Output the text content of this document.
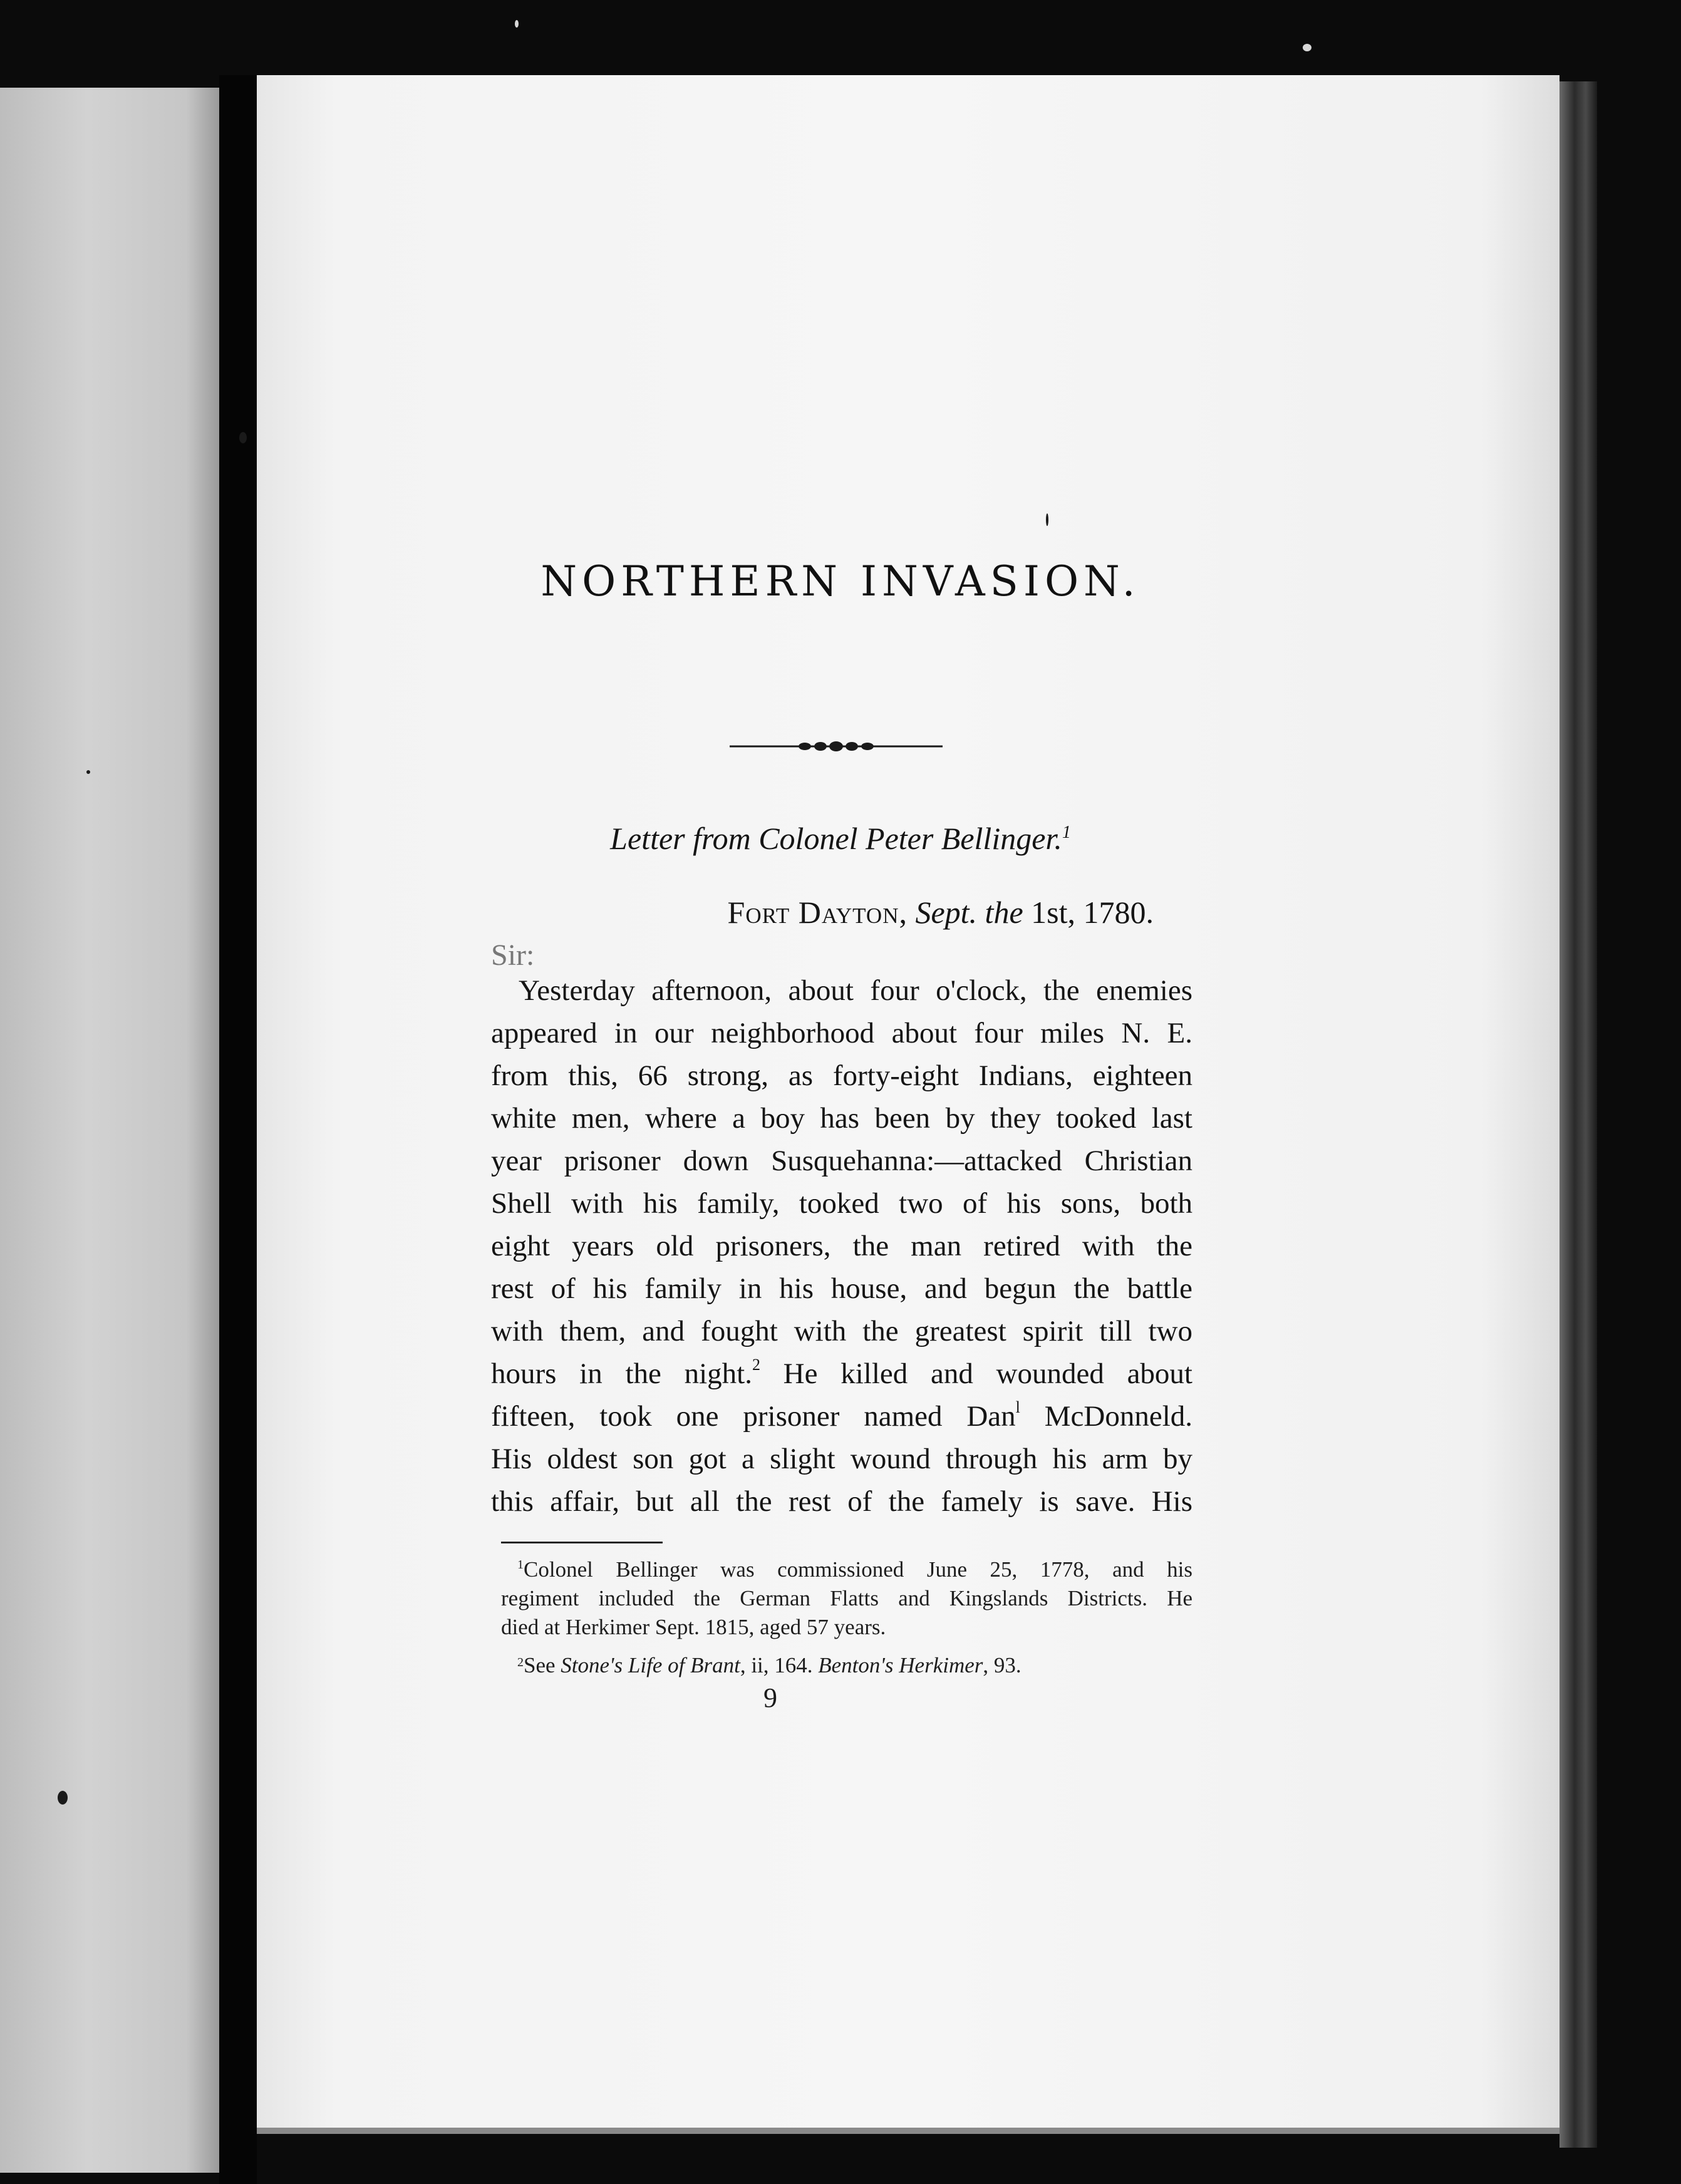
NORTHERN INVASION.
Letter from Colonel Peter Bellinger.$^1$
Fort Dayton, Sept. the 1st, 1780.
Sir:
Yesterday afternoon, about four o'clock, the enemies
appeared in our neighborhood about four miles N. E.
from this, 66 strong, as forty-eight Indians, eighteen
white men, where a boy has been by they tooked last
year prisoner down Susquehanna:—attacked Christian
Shell with his family, tooked two of his sons, both
eight years old prisoners, the man retired with the
rest of his family in his house, and begun the battle
with them, and fought with the greatest spirit till two
hours in the night.$^2$ He killed and wounded about
fifteen, took one prisoner named Dan$^l$ McDonneld.
His oldest son got a slight wound through his arm by
this affair, but all the rest of the famely is save. His
$^1$Colonel Bellinger was commissioned June 25, 1778, and his
regiment included the German Flatts and Kingslands Districts. He
died at Herkimer Sept. 1815, aged 57 years.
$^2$See Stone's Life of Brant, ii, 164. Benton's Herkimer, 93.
9
